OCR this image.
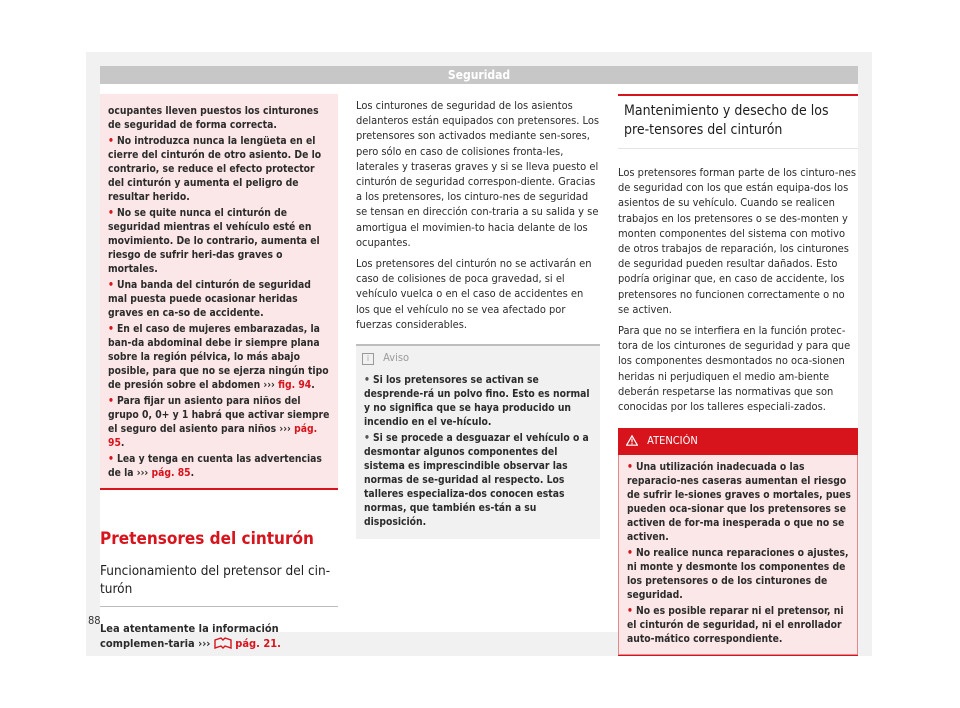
Seguridad
ocupantes lleven puestos los cinturones de seguridad de forma correcta.
• No introduzca nunca la lengüeta en el cierre del cinturón de otro asiento. De lo contrario, se reduce el efecto protector del cinturón y aumenta el peligro de resultar herido.
• No se quite nunca el cinturón de seguridad mientras el vehículo esté en movimiento. De lo contrario, aumenta el riesgo de sufrir heri-das graves o mortales.
• Una banda del cinturón de seguridad mal puesta puede ocasionar heridas graves en ca-so de accidente.
• En el caso de mujeres embarazadas, la ban-da abdominal debe ir siempre plana sobre la región pélvica, lo más abajo posible, para que no se ejerza ningún tipo de presión sobre el abdomen ››› fig. 94.
• Para fijar un asiento para niños del grupo 0, 0+ y 1 habrá que activar siempre el seguro del asiento para niños ››› pág. 95.
• Lea y tenga en cuenta las advertencias de la ››› pág. 85.
Pretensores del cinturón
Funcionamiento del pretensor del cin-turón
Lea atentamente la información complemen-taria ››› pág. 21.

Los cinturones de seguridad de los asientos delanteros están equipados con pretensores. Los pretensores son activados mediante sen-sores, pero sólo en caso de colisiones fronta-les, laterales y traseras graves y si se lleva puesto el cinturón de seguridad correspon-diente. Gracias a los pretensores, los cinturo-nes de seguridad se tensan en dirección con-traria a su salida y se amortigua el movimien-to hacia delante de los ocupantes.

Los pretensores del cinturón no se activarán en caso de colisiones de poca gravedad, si el vehículo vuelca o en el caso de accidentes en los que el vehículo no se vea afectado por fuerzas considerables.

i Aviso
• Si los pretensores se activan se desprende-rá un polvo fino. Esto es normal y no significa que se haya producido un incendio en el ve-hículo.
• Si se procede a desguazar el vehículo o a desmontar algunos componentes del sistema es imprescindible observar las normas de se-guridad al respecto. Los talleres especializa-dos conocen estas normas, que también es-tán a su disposición.
Mantenimiento y desecho de los pre-tensores del cinturón

Los pretensores forman parte de los cinturo-nes de seguridad con los que están equipa-dos los asientos de su vehículo. Cuando se realicen trabajos en los pretensores o se des-monten y monten componentes del sistema con motivo de otros trabajos de reparación, los cinturones de seguridad pueden resultar dañados. Esto podría originar que, en caso de accidente, los pretensores no funcionen correctamente o no se activen.

Para que no se interfiera en la función protec-tora de los cinturones de seguridad y para que los componentes desmontados no oca-sionen heridas ni perjudiquen el medio am-biente deberán respetarse las normativas que son conocidas por los talleres especiali-zados.

ATENCIÓN
• Una utilización inadecuada o las reparacio-nes caseras aumentan el riesgo de sufrir le-siones graves o mortales, pues pueden oca-sionar que los pretensores se activen de for-ma inesperada o que no se activen.
• No realice nunca reparaciones o ajustes, ni monte y desmonte los componentes de los pretensores o de los cinturones de seguridad.
• No es posible reparar ni el pretensor, ni el cinturón de seguridad, ni el enrollador auto-mático correspondiente.
88
